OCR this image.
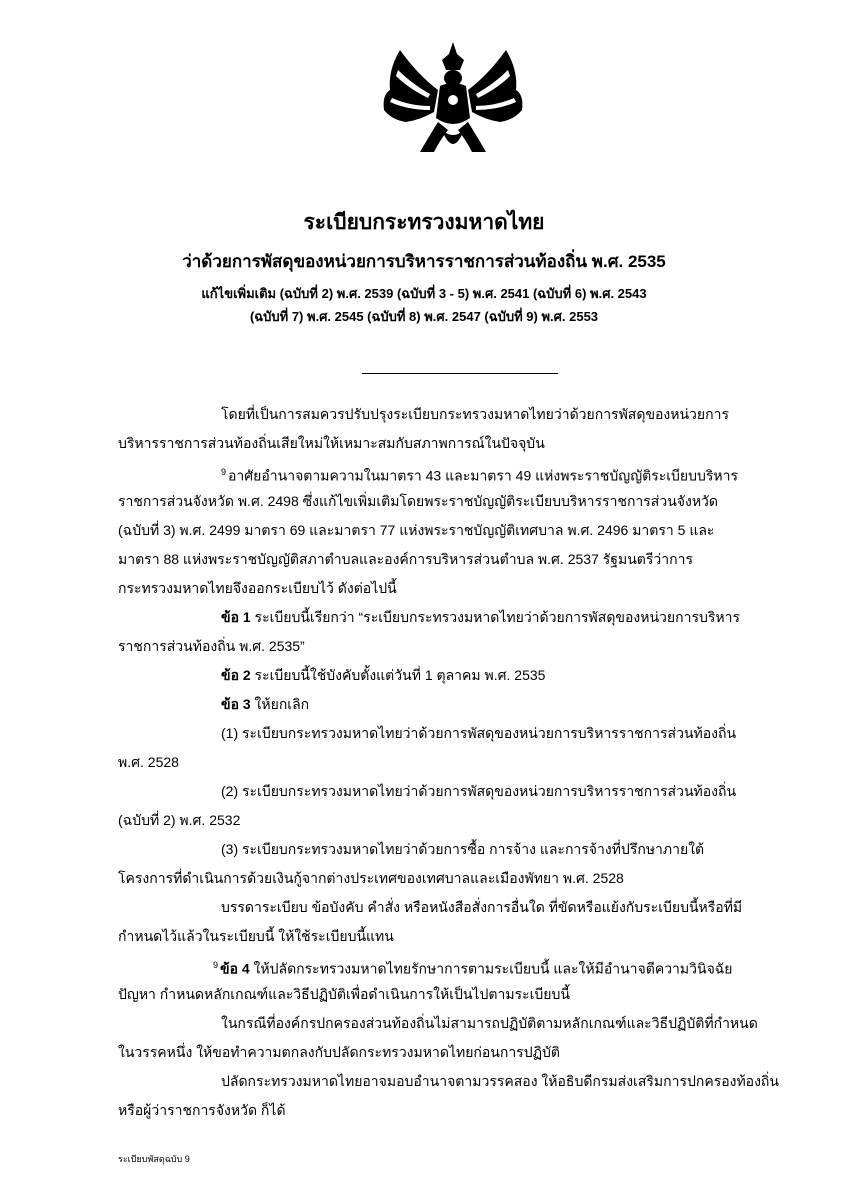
ระเบียบกระทรวงมหาดไทย
ว่าด้วยการพัสดุของหน่วยการบริหารราชการส่วนท้องถิ่น พ.ศ. 2535
แก้ไขเพิ่มเติม (ฉบับที่ 2) พ.ศ. 2539 (ฉบับที่ 3 - 5) พ.ศ. 2541 (ฉบับที่ 6) พ.ศ. 2543
(ฉบับที่ 7) พ.ศ. 2545 (ฉบับที่ 8) พ.ศ. 2547 (ฉบับที่ 9) พ.ศ. 2553
โดยที่เป็นการสมควรปรับปรุงระเบียบกระทรวงมหาดไทยว่าด้วยการพัสดุของหน่วยการ
บริหารราชการส่วนท้องถิ่นเสียใหม่ให้เหมาะสมกับสภาพการณ์ในปัจจุบัน
$^9$ อาศัยอำนาจตามความในมาตรา 43 และมาตรา 49 แห่งพระราชบัญญัติระเบียบบริหาร
ราชการส่วนจังหวัด พ.ศ. 2498 ซึ่งแก้ไขเพิ่มเติมโดยพระราชบัญญัติระเบียบบริหารราชการส่วนจังหวัด
(ฉบับที่ 3) พ.ศ. 2499 มาตรา 69 และมาตรา 77 แห่งพระราชบัญญัติเทศบาล พ.ศ. 2496 มาตรา 5 และ
มาตรา 88 แห่งพระราชบัญญัติสภาตำบลและองค์การบริหารส่วนตำบล พ.ศ. 2537 รัฐมนตรีว่าการ
กระทรวงมหาดไทยจึงออกระเบียบไว้ ดังต่อไปนี้
ข้อ 1 ระเบียบนี้เรียกว่า “ระเบียบกระทรวงมหาดไทยว่าด้วยการพัสดุของหน่วยการบริหาร
ราชการส่วนท้องถิ่น พ.ศ. 2535”
ข้อ 2 ระเบียบนี้ใช้บังคับตั้งแต่วันที่ 1 ตุลาคม พ.ศ. 2535
ข้อ 3 ให้ยกเลิก
(1) ระเบียบกระทรวงมหาดไทยว่าด้วยการพัสดุของหน่วยการบริหารราชการส่วนท้องถิ่น
พ.ศ. 2528
(2) ระเบียบกระทรวงมหาดไทยว่าด้วยการพัสดุของหน่วยการบริหารราชการส่วนท้องถิ่น
(ฉบับที่ 2) พ.ศ. 2532
(3) ระเบียบกระทรวงมหาดไทยว่าด้วยการซื้อ การจ้าง และการจ้างที่ปรึกษาภายใต้
โครงการที่ดำเนินการด้วยเงินกู้จากต่างประเทศของเทศบาลและเมืองพัทยา พ.ศ. 2528
บรรดาระเบียบ ข้อบังคับ คำสั่ง หรือหนังสือสั่งการอื่นใด ที่ขัดหรือแย้งกับระเบียบนี้หรือที่มี
กำหนดไว้แล้วในระเบียบนี้ ให้ใช้ระเบียบนี้แทน
$^9$ ข้อ 4 ให้ปลัดกระทรวงมหาดไทยรักษาการตามระเบียบนี้ และให้มีอำนาจตีความวินิจฉัย
ปัญหา กำหนดหลักเกณฑ์และวิธีปฏิบัติเพื่อดำเนินการให้เป็นไปตามระเบียบนี้
ในกรณีที่องค์กรปกครองส่วนท้องถิ่นไม่สามารถปฏิบัติตามหลักเกณฑ์และวิธีปฏิบัติที่กำหนด
ในวรรคหนึ่ง ให้ขอทำความตกลงกับปลัดกระทรวงมหาดไทยก่อนการปฏิบัติ
ปลัดกระทรวงมหาดไทยอาจมอบอำนาจตามวรรคสอง ให้อธิบดีกรมส่งเสริมการปกครองท้องถิ่น
หรือผู้ว่าราชการจังหวัด ก็ได้
ระเบียบพัสดุฉบับ 9
